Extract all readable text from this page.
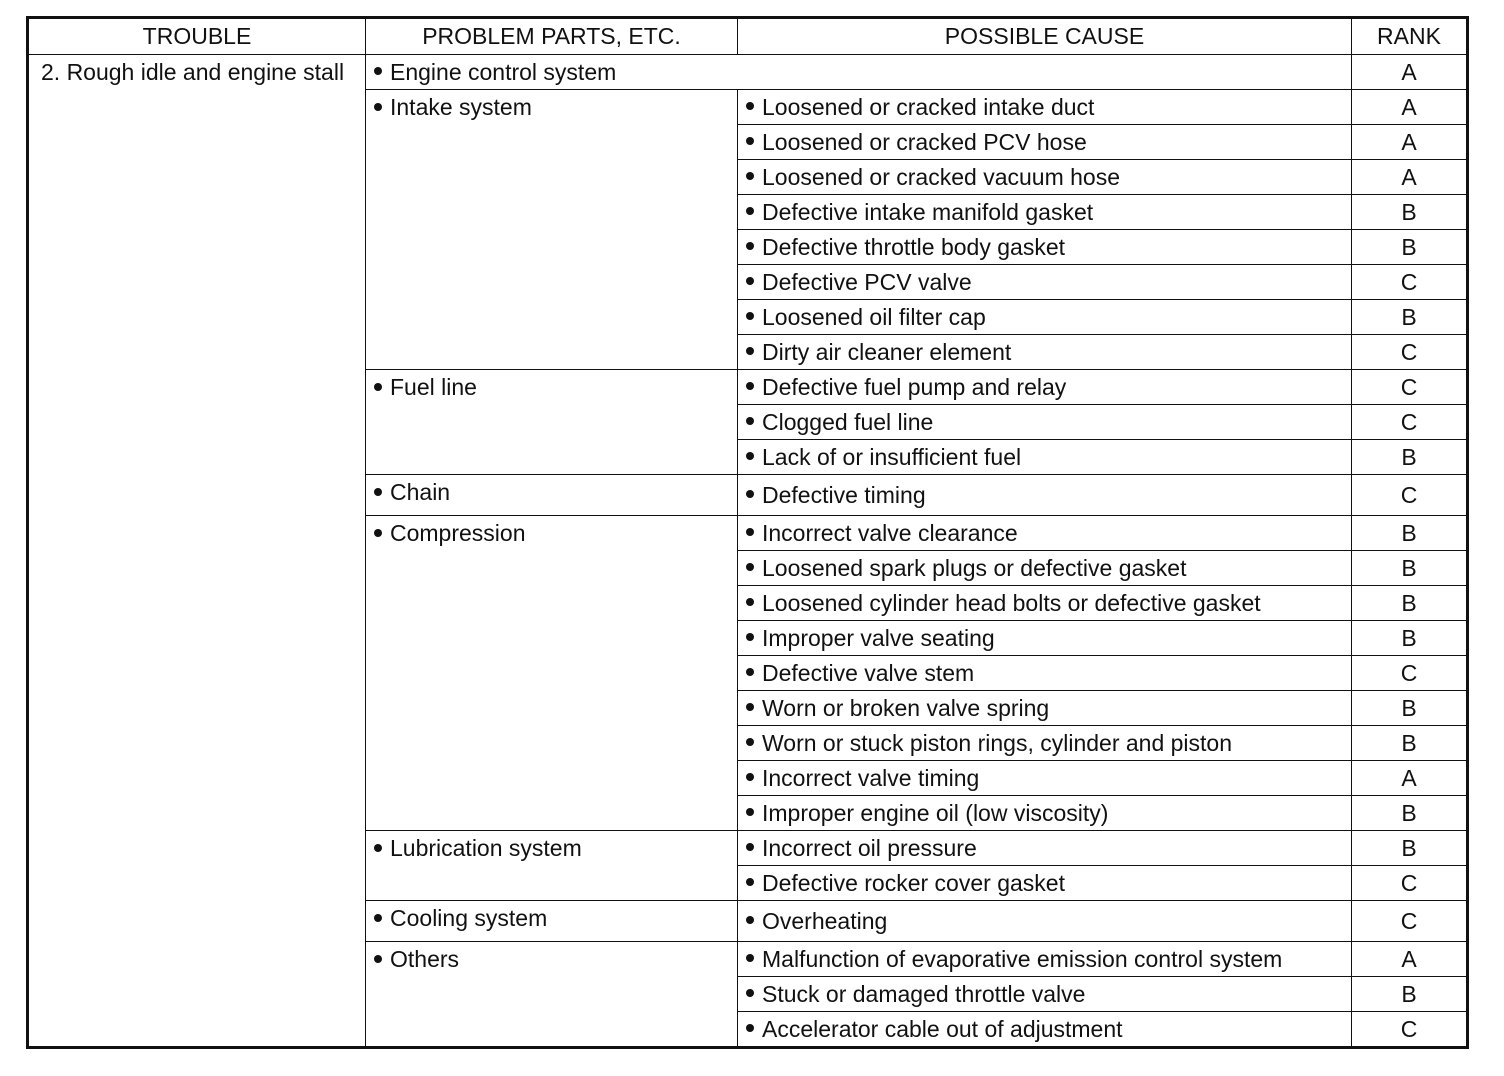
TROUBLE	PROBLEM PARTS, ETC.	POSSIBLE CAUSE	RANK
2. Rough idle and engine stall	Engine control system		A
	Intake system	Loosened or cracked intake duct	A
		Loosened or cracked PCV hose	A
		Loosened or cracked vacuum hose	A
		Defective intake manifold gasket	B
		Defective throttle body gasket	B
		Defective PCV valve	C
		Loosened oil filter cap	B
		Dirty air cleaner element	C
	Fuel line	Defective fuel pump and relay	C
		Clogged fuel line	C
		Lack of or insufficient fuel	B
	Chain	Defective timing	C
	Compression	Incorrect valve clearance	B
		Loosened spark plugs or defective gasket	B
		Loosened cylinder head bolts or defective gasket	B
		Improper valve seating	B
		Defective valve stem	C
		Worn or broken valve spring	B
		Worn or stuck piston rings, cylinder and piston	B
		Incorrect valve timing	A
		Improper engine oil (low viscosity)	B
	Lubrication system	Incorrect oil pressure	B
		Defective rocker cover gasket	C
	Cooling system	Overheating	C
	Others	Malfunction of evaporative emission control system	A
		Stuck or damaged throttle valve	B
		Accelerator cable out of adjustment	C
